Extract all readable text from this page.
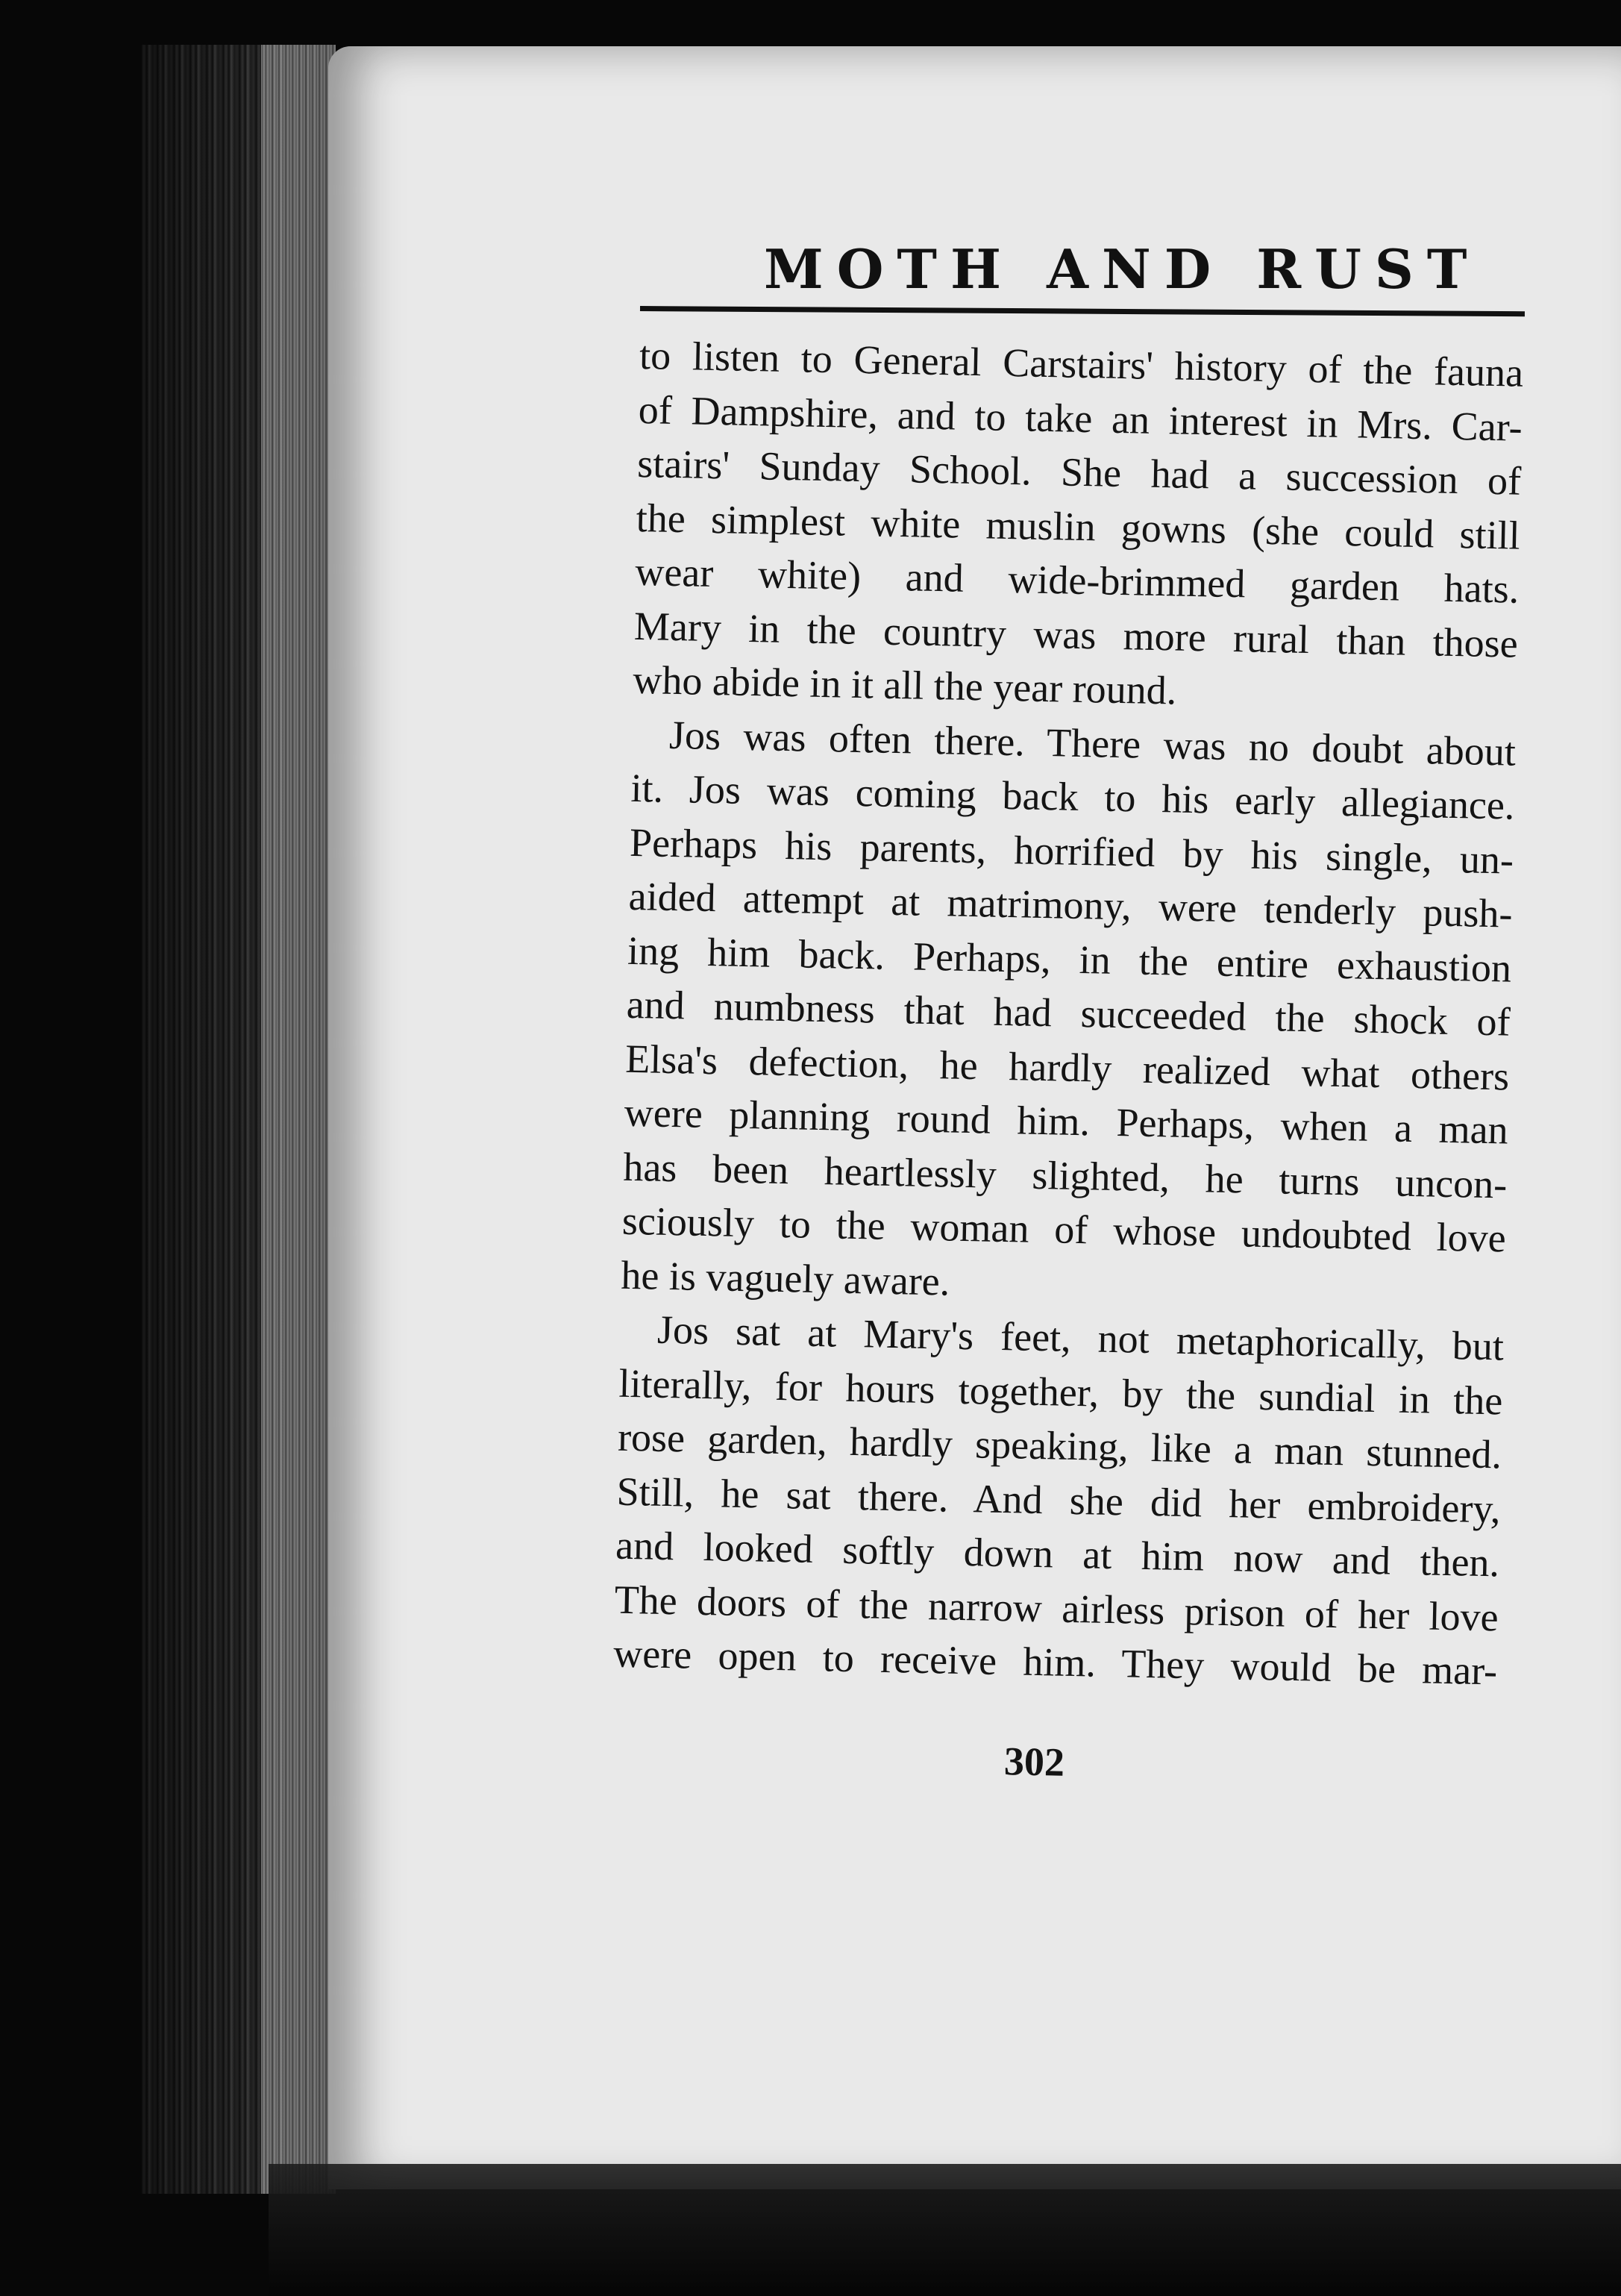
MOTH AND RUST
to listen to General Carstairs' history of the fauna
of Dampshire, and to take an interest in Mrs. Car-
stairs' Sunday School. She had a succession of
the simplest white muslin gowns (she could still
wear white) and wide-brimmed garden hats.
Mary in the country was more rural than those
who abide in it all the year round.
Jos was often there. There was no doubt about
it. Jos was coming back to his early allegiance.
Perhaps his parents, horrified by his single, un-
aided attempt at matrimony, were tenderly push-
ing him back. Perhaps, in the entire exhaustion
and numbness that had succeeded the shock of
Elsa's defection, he hardly realized what others
were planning round him. Perhaps, when a man
has been heartlessly slighted, he turns uncon-
sciously to the woman of whose undoubted love
he is vaguely aware.
Jos sat at Mary's feet, not metaphorically, but
literally, for hours together, by the sundial in the
rose garden, hardly speaking, like a man stunned.
Still, he sat there. And she did her embroidery,
and looked softly down at him now and then.
The doors of the narrow airless prison of her love
were open to receive him. They would be mar-
302
